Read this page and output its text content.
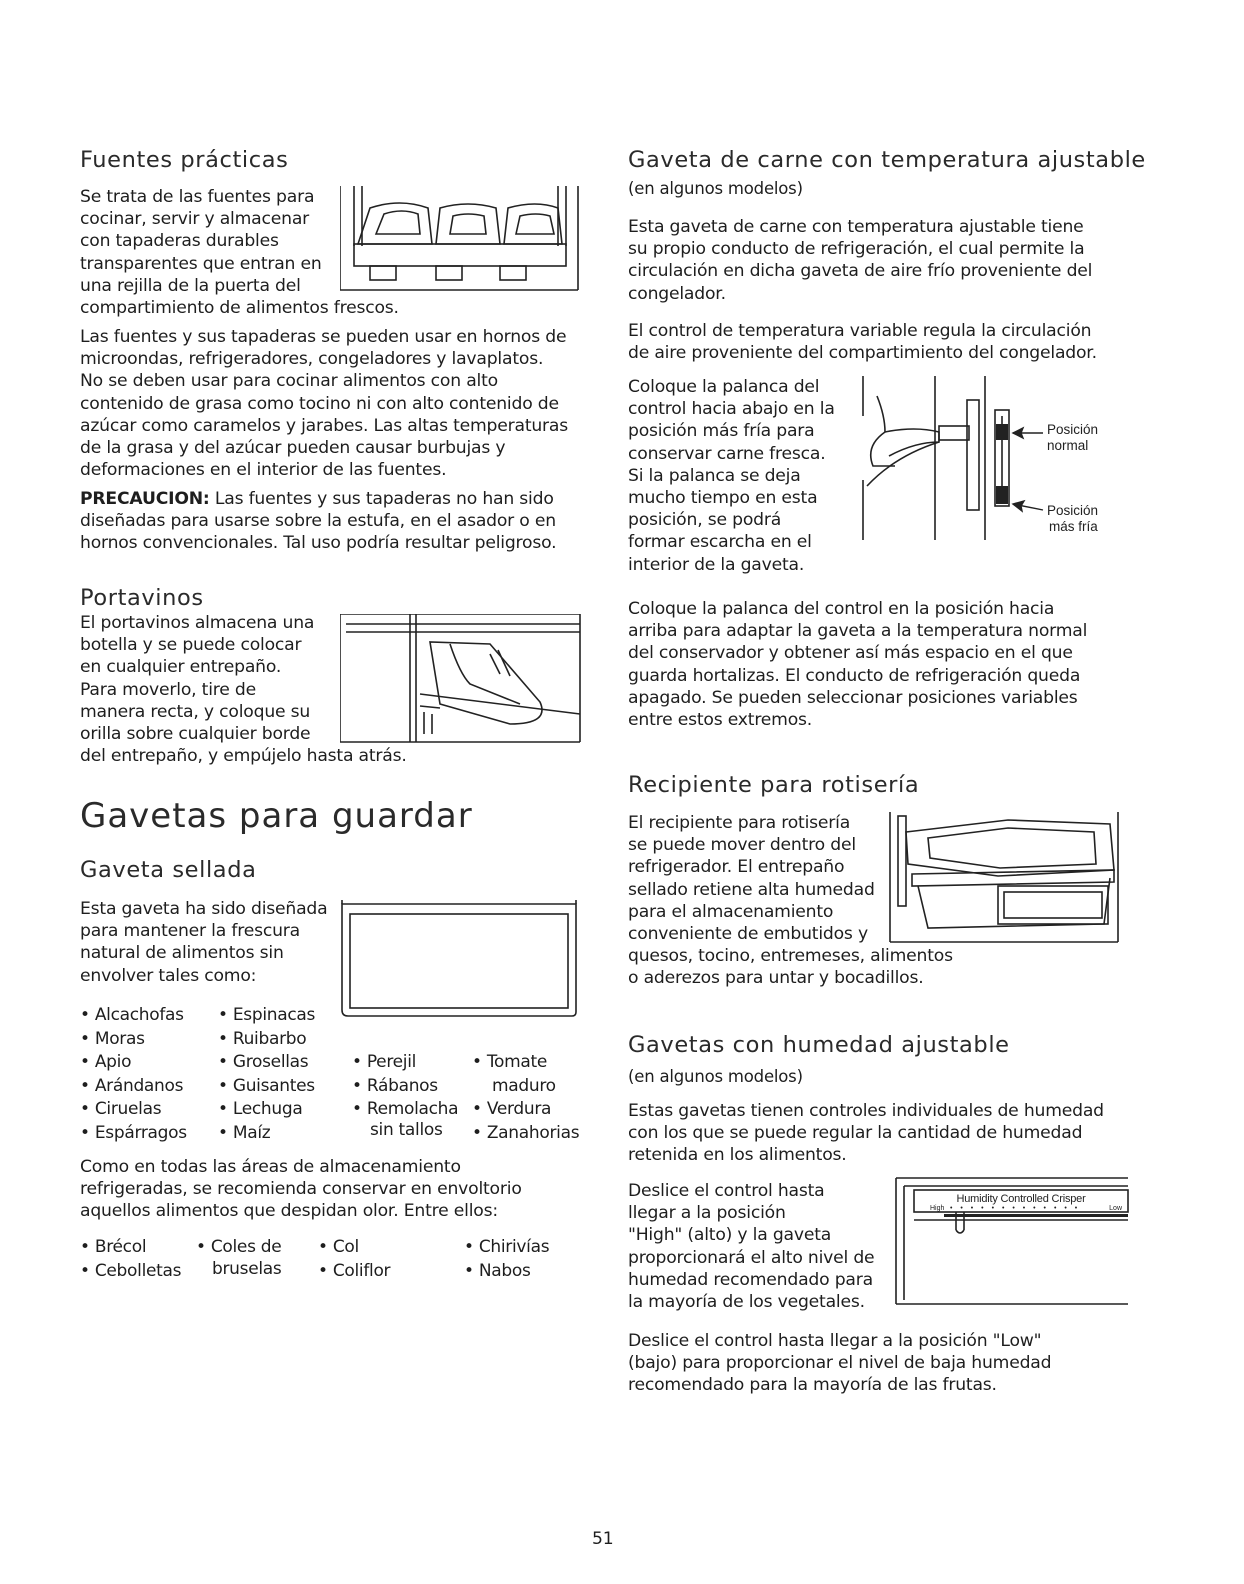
Fuentes prácticas
Se trata de las fuentes para
cocinar, servir y almacenar
con tapaderas durables
transparentes que entran en
una rejilla de la puerta del
compartimiento de alimentos frescos.
Las fuentes y sus tapaderas se pueden usar en hornos de
microondas, refrigeradores, congeladores y lavaplatos.
No se deben usar para cocinar alimentos con alto
contenido de grasa como tocino ni con alto contenido de
azúcar como caramelos y jarabes. Las altas temperaturas
de la grasa y del azúcar pueden causar burbujas y
deformaciones en el interior de las fuentes.
PRECAUCION: Las fuentes y sus tapaderas no han sido
diseñadas para usarse sobre la estufa, en el asador o en
hornos convencionales. Tal uso podría resultar peligroso.
Portavinos
El portavinos almacena una
botella y se puede colocar
en cualquier entrepaño.
Para moverlo, tire de
manera recta, y coloque su
orilla sobre cualquier borde
del entrepaño, y empújelo hasta atrás.
Gavetas para guardar
Gaveta sellada
Esta gaveta ha sido diseñada
para mantener la frescura
natural de alimentos sin
envolver tales como:
• Alcachofas
• Moras
• Apio
• Arándanos
• Ciruelas
• Espárragos
• Espinacas
• Ruibarbo
• Grosellas
• Guisantes
• Lechuga
• Maíz
• Perejil
• Rábanos
• Remolacha
sin tallos
• Tomate
maduro
• Verdura
• Zanahorias
Como en todas las áreas de almacenamiento
refrigeradas, se recomienda conservar en envoltorio
aquellos alimentos que despidan olor. Entre ellos:
• Brécol
• Cebolletas
• Coles de
bruselas
• Col
• Coliflor
• Chirivías
• Nabos
Gaveta de carne con temperatura ajustable
(en algunos modelos)
Esta gaveta de carne con temperatura ajustable tiene
su propio conducto de refrigeración, el cual permite la
circulación en dicha gaveta de aire frío proveniente del
congelador.
El control de temperatura variable regula la circulación
de aire proveniente del compartimiento del congelador.
Coloque la palanca del
control hacia abajo en la
posición más fría para
conservar carne fresca.
Si la palanca se deja
mucho tiempo en esta
posición, se podrá
formar escarcha en el
interior de la gaveta.
Posición
normal
Posición
más fría
Coloque la palanca del control en la posición hacia
arriba para adaptar la gaveta a la temperatura normal
del conservador y obtener así más espacio en el que
guarda hortalizas. El conducto de refrigeración queda
apagado. Se pueden seleccionar posiciones variables
entre estos extremos.
Recipiente para rotisería
El recipiente para rotisería
se puede mover dentro del
refrigerador. El entrepaño
sellado retiene alta humedad
para el almacenamiento
conveniente de embutidos y
quesos, tocino, entremeses, alimentos
o aderezos para untar y bocadillos.
Gavetas con humedad ajustable
(en algunos modelos)
Estas gavetas tienen controles individuales de humedad
con los que se puede regular la cantidad de humedad
retenida en los alimentos.
Deslice el control hasta
llegar a la posición
"High" (alto) y la gaveta
proporcionará el alto nivel de
humedad recomendado para
la mayoría de los vegetales.
Humidity Controlled Crisper
High • • • • • • • • • • • • •	Low
Deslice el control hasta llegar a la posición "Low"
(bajo) para proporcionar el nivel de baja humedad
recomendado para la mayoría de las frutas.
51
